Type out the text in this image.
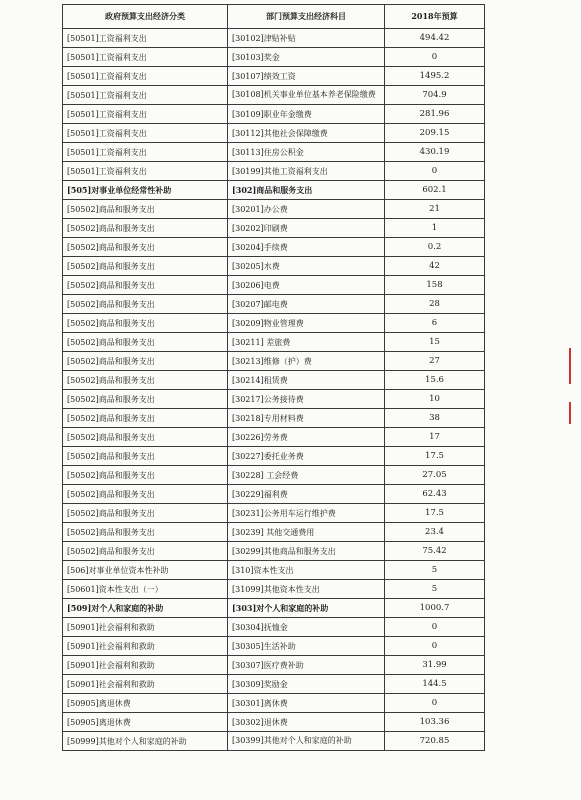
政府预算支出经济分类	部门预算支出经济科目	2018年预算
[50501]工资福利支出	[30102]津贴补贴	494.42
[50501]工资福利支出	[30103]奖金	0
[50501]工资福利支出	[30107]绩效工资	1495.2
[50501]工资福利支出	[30108]机关事业单位基本养老保险缴费	704.9
[50501]工资福利支出	[30109]职业年金缴费	281.96
[50501]工资福利支出	[30112]其他社会保障缴费	209.15
[50501]工资福利支出	[30113]住房公积金	430.19
[50501]工资福利支出	[30199]其他工资福利支出	0
[505]对事业单位经常性补助	[302]商品和服务支出	602.1
[50502]商品和服务支出	[30201]办公费	21
[50502]商品和服务支出	[30202]印刷费	1
[50502]商品和服务支出	[30204]手续费	0.2
[50502]商品和服务支出	[30205]水费	42
[50502]商品和服务支出	[30206]电费	158
[50502]商品和服务支出	[30207]邮电费	28
[50502]商品和服务支出	[30209]物业管理费	6
[50502]商品和服务支出	[30211] 差旅费	15
[50502]商品和服务支出	[30213]维修（护）费	27
[50502]商品和服务支出	[30214]租赁费	15.6
[50502]商品和服务支出	[30217]公务接待费	10
[50502]商品和服务支出	[30218]专用材料费	38
[50502]商品和服务支出	[30226]劳务费	17
[50502]商品和服务支出	[30227]委托业务费	17.5
[50502]商品和服务支出	[30228] 工会经费	27.05
[50502]商品和服务支出	[30229]福利费	62.43
[50502]商品和服务支出	[30231]公务用车运行维护费	17.5
[50502]商品和服务支出	[30239] 其他交通费用	23.4
[50502]商品和服务支出	[30299]其他商品和服务支出	75.42
[506]对事业单位资本性补助	[310]资本性支出	5
[50601]资本性支出（一）	[31099]其他资本性支出	5
[509]对个人和家庭的补助	[303]对个人和家庭的补助	1000.7
[50901]社会福利和救助	[30304]抚恤金	0
[50901]社会福利和救助	[30305]生活补助	0
[50901]社会福利和救助	[30307]医疗费补助	31.99
[50901]社会福利和救助	[30309]奖励金	144.5
[50905]离退休费	[30301]离休费	0
[50905]离退休费	[30302]退休费	103.36
[50999]其他对个人和家庭的补助	[30399]其他对个人和家庭的补助	720.85
